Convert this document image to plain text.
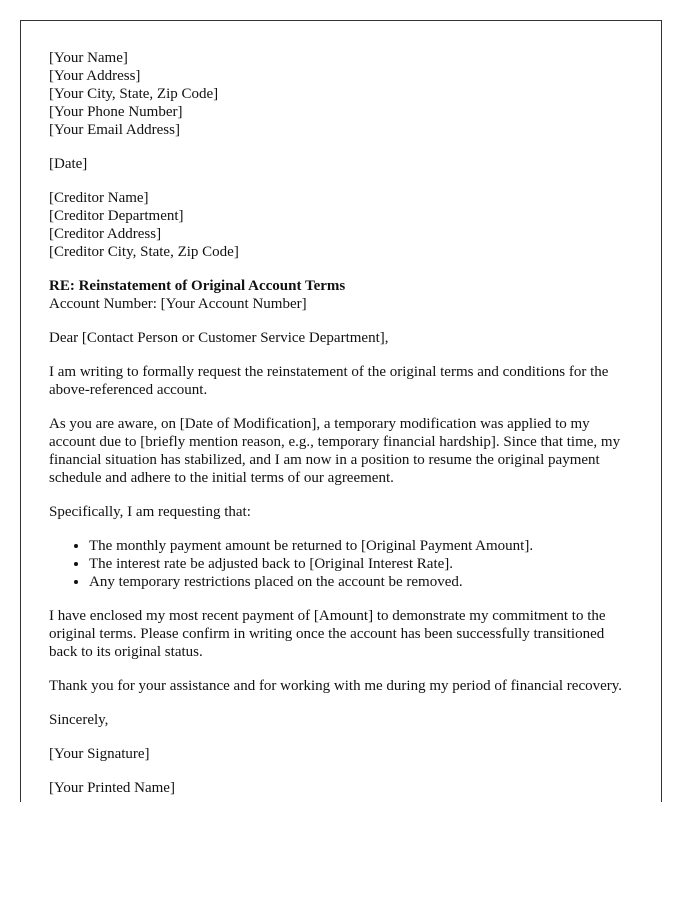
[Your Name]
[Your Address]
[Your City, State, Zip Code]
[Your Phone Number]
[Your Email Address]

[Date]

[Creditor Name]
[Creditor Department]
[Creditor Address]
[Creditor City, State, Zip Code]

RE: Reinstatement of Original Account Terms
Account Number: [Your Account Number]

Dear [Contact Person or Customer Service Department],

I am writing to formally request the reinstatement of the original terms and conditions for the above-referenced account.

As you are aware, on [Date of Modification], a temporary modification was applied to my account due to [briefly mention reason, e.g., temporary financial hardship]. Since that time, my financial situation has stabilized, and I am now in a position to resume the original payment schedule and adhere to the initial terms of our agreement.

Specifically, I am requesting that:

• The monthly payment amount be returned to [Original Payment Amount].
• The interest rate be adjusted back to [Original Interest Rate].
• Any temporary restrictions placed on the account be removed.

I have enclosed my most recent payment of [Amount] to demonstrate my commitment to the original terms. Please confirm in writing once the account has been successfully transitioned back to its original status.

Thank you for your assistance and for working with me during my period of financial recovery.

Sincerely,

[Your Signature]

[Your Printed Name]
